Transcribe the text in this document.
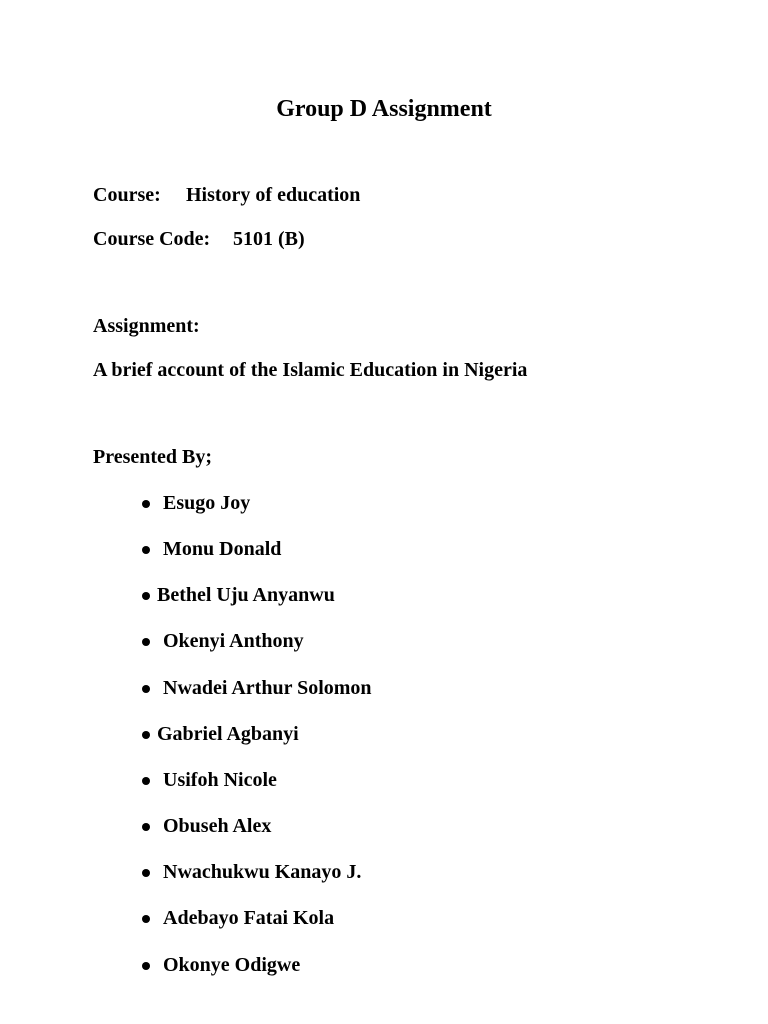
Group D Assignment
Course: History of education
Course Code: 5101 (B)
Assignment:
A brief account of the Islamic Education in Nigeria
Presented By;
Esugo Joy
Monu Donald
Bethel Uju Anyanwu
Okenyi Anthony
Nwadei Arthur Solomon
Gabriel Agbanyi
Usifoh Nicole
Obuseh Alex
Nwachukwu Kanayo J.
Adebayo Fatai Kola
Okonye Odigwe
